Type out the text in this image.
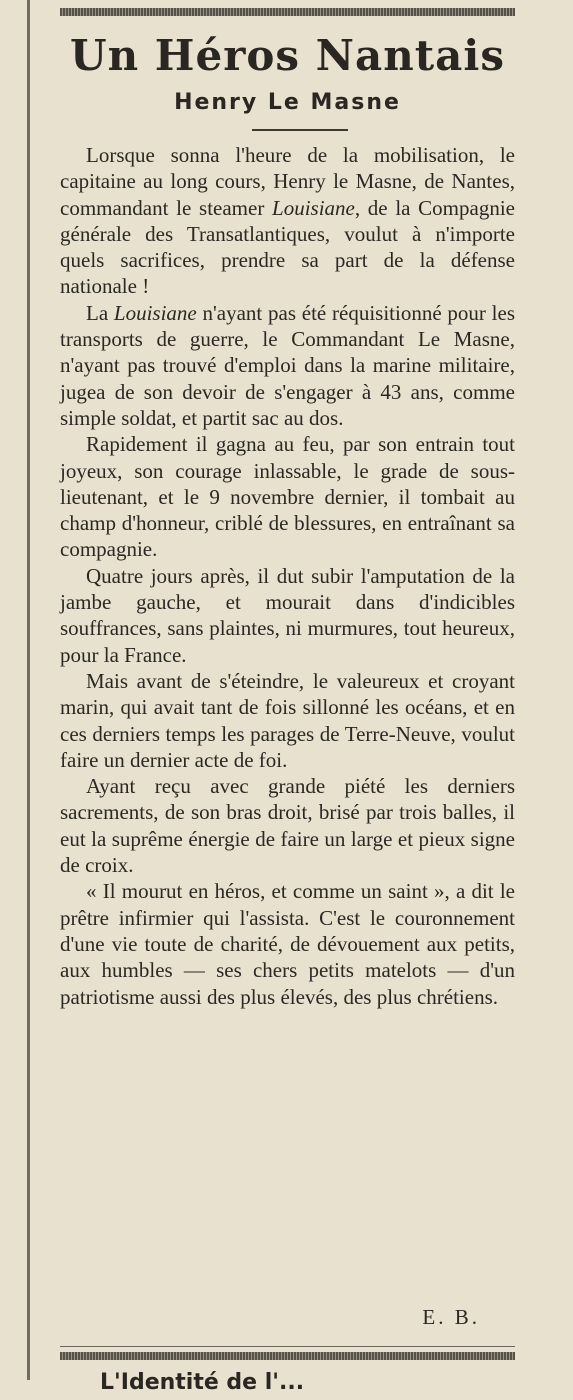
Un Héros Nantais
Henry Le Masne

Lorsque sonna l'heure de la mobilisation, le capitaine au long cours, Henry le Masne, de Nantes, commandant le steamer Louisiane, de la Compagnie générale des Transatlantiques, voulut à n'importe quels sacrifices, prendre sa part de la défense nationale !

La Louisiane n'ayant pas été réquisitionné pour les transports de guerre, le Commandant Le Masne, n'ayant pas trouvé d'emploi dans la marine militaire, jugea de son devoir de s'engager à 43 ans, comme simple soldat, et partit sac au dos.

Rapidement il gagna au feu, par son entrain tout joyeux, son courage inlassable, le grade de sous-lieutenant, et le 9 novembre dernier, il tombait au champ d'honneur, criblé de blessures, en entraînant sa compagnie.

Quatre jours après, il dut subir l'amputation de la jambe gauche, et mourait dans d'indicibles souffrances, sans plaintes, ni murmures, tout heureux, pour la France.

Mais avant de s'éteindre, le valeureux et croyant marin, qui avait tant de fois sillonné les océans, et en ces derniers temps les parages de Terre-Neuve, voulut faire un dernier acte de foi.

Ayant reçu avec grande piété les derniers sacrements, de son bras droit, brisé par trois balles, il eut la suprême énergie de faire un large et pieux signe de croix.

« Il mourut en héros, et comme un saint », a dit le prêtre infirmier qui l'assista. C'est le couronnement d'une vie toute de charité, de dévouement aux petits, aux humbles — ses chers petits matelots — d'un patriotisme aussi des plus élevés, des plus chrétiens.

E. B.
L'Identité de l'...
